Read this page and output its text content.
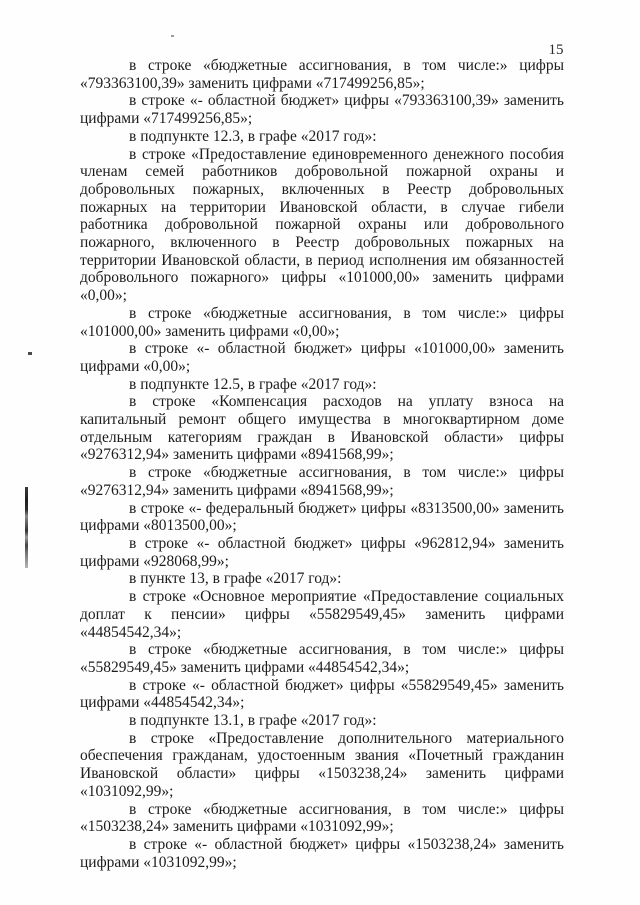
15

в строке «бюджетные ассигнования, в том числе:» цифры «793363100,39» заменить цифрами «717499256,85»;

в строке «- областной бюджет» цифры «793363100,39» заменить цифрами «717499256,85»;

в подпункте 12.3, в графе «2017 год»:

в строке «Предоставление единовременного денежного пособия членам семей работников добровольной пожарной охраны и добровольных пожарных, включенных в Реестр добровольных пожарных на территории Ивановской области, в случае гибели работника добровольной пожарной охраны или добровольного пожарного, включенного в Реестр добровольных пожарных на территории Ивановской области, в период исполнения им обязанностей добровольного пожарного» цифры «101000,00» заменить цифрами «0,00»;

в строке «бюджетные ассигнования, в том числе:» цифры «101000,00» заменить цифрами «0,00»;

в строке «- областной бюджет» цифры «101000,00» заменить цифрами «0,00»;

в подпункте 12.5, в графе «2017 год»:

в строке «Компенсация расходов на уплату взноса на капитальный ремонт общего имущества в многоквартирном доме отдельным категориям граждан в Ивановской области» цифры «9276312,94» заменить цифрами «8941568,99»;

в строке «бюджетные ассигнования, в том числе:» цифры «9276312,94» заменить цифрами «8941568,99»;

в строке «- федеральный бюджет» цифры «8313500,00» заменить цифрами «8013500,00»;

в строке «- областной бюджет» цифры «962812,94» заменить цифрами «928068,99»;

в пункте 13, в графе «2017 год»:

в строке «Основное мероприятие «Предоставление социальных доплат к пенсии» цифры «55829549,45» заменить цифрами «44854542,34»;

в строке «бюджетные ассигнования, в том числе:» цифры «55829549,45» заменить цифрами «44854542,34»;

в строке «- областной бюджет» цифры «55829549,45» заменить цифрами «44854542,34»;

в подпункте 13.1, в графе «2017 год»:

в строке «Предоставление дополнительного материального обеспечения гражданам, удостоенным звания «Почетный гражданин Ивановской области» цифры «1503238,24» заменить цифрами «1031092,99»;

в строке «бюджетные ассигнования, в том числе:» цифры «1503238,24» заменить цифрами «1031092,99»;

в строке «- областной бюджет» цифры «1503238,24» заменить цифрами «1031092,99»;
